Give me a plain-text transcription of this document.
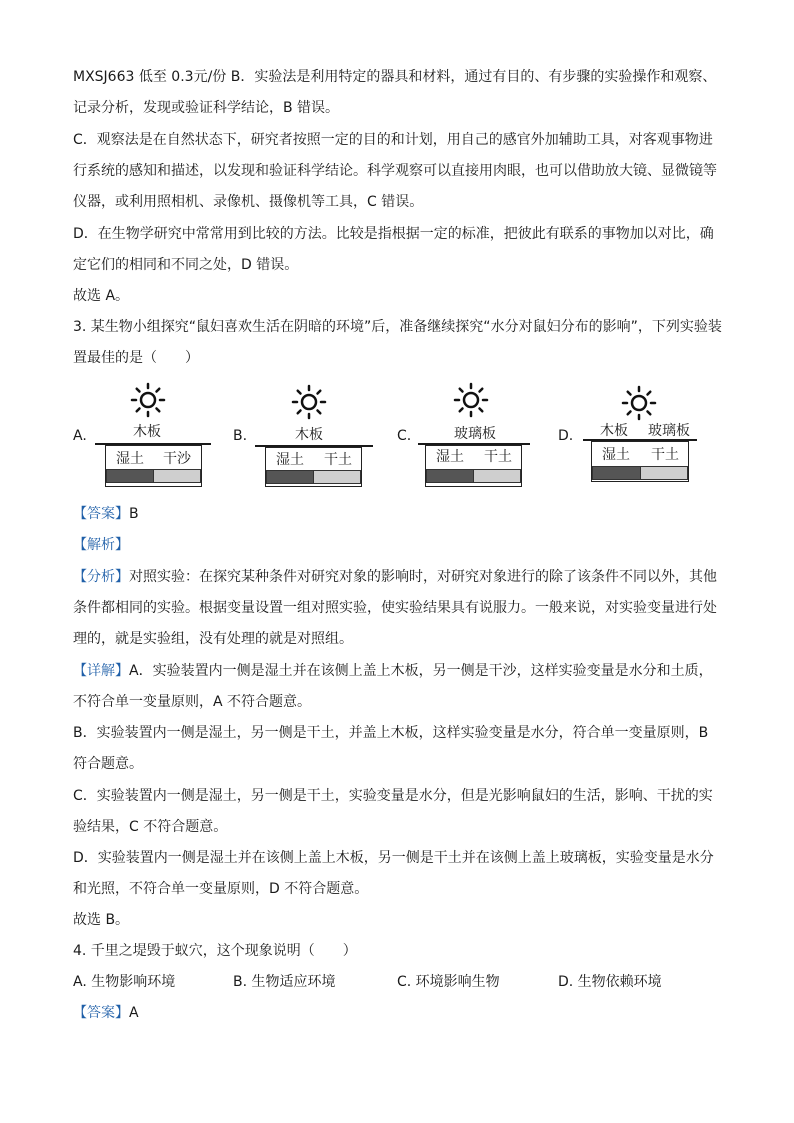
MXSJ663 低至 0.3元/份 B．实验法是利用特定的器具和材料，通过有目的、有步骤的实验操作和观察、
记录分析，发现或验证科学结论，B 错误。
C．观察法是在自然状态下，研究者按照一定的目的和计划，用自己的感官外加辅助工具，对客观事物进
行系统的感知和描述，以发现和验证科学结论。科学观察可以直接用肉眼，也可以借助放大镜、显微镜等
仪器，或利用照相机、录像机、摄像机等工具，C 错误。
D．在生物学研究中常常用到比较的方法。比较是指根据一定的标准，把彼此有联系的事物加以对比，确
定它们的相同和不同之处，D 错误。
故选 A。
3. 某生物小组探究“鼠妇喜欢生活在阴暗的环境”后，准备继续探究“水分对鼠妇分布的影响”，下列实验装
置最佳的是（　　）
A.	木板
湿土	干沙
B.	木板
湿土	干土
C.	玻璃板
湿土	干土
D.	木板	玻璃板
湿土	干土
【答案】B
【解析】
【分析】对照实验：在探究某种条件对研究对象的影响时，对研究对象进行的除了该条件不同以外，其他
条件都相同的实验。根据变量设置一组对照实验，使实验结果具有说服力。一般来说，对实验变量进行处
理的，就是实验组，没有处理的就是对照组。
【详解】A．实验装置内一侧是湿土并在该侧上盖上木板，另一侧是干沙，这样实验变量是水分和土质，
不符合单一变量原则，A 不符合题意。
B．实验装置内一侧是湿土，另一侧是干土，并盖上木板，这样实验变量是水分，符合单一变量原则，B
符合题意。
C．实验装置内一侧是湿土，另一侧是干土，实验变量是水分，但是光影响鼠妇的生活，影响、干扰的实
验结果，C 不符合题意。
D．实验装置内一侧是湿土并在该侧上盖上木板，另一侧是干土并在该侧上盖上玻璃板，实验变量是水分
和光照，不符合单一变量原则，D 不符合题意。
故选 B。
4. 千里之堤毁于蚁穴，这个现象说明（　　）
A. 生物影响环境	B. 生物适应环境	C. 环境影响生物	D. 生物依赖环境
【答案】A
